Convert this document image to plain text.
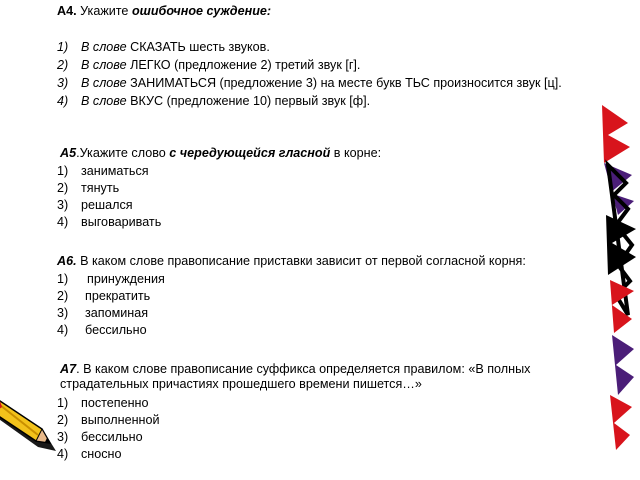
А4. Укажите ошибочное суждение:
1)	В слове СКАЗАТЬ шесть звуков.
2)	В слове ЛЕГКО (предложение 2) третий звук [г].
3)	В слове ЗАНИМАТЬСЯ (предложение 3) на месте букв ТЬС произносится звук [ц].
4)	В слове ВКУС (предложение 10) первый звук [ф].
А5.Укажите слово с чередующейся гласной в корне:
1)	заниматься
2)	тянуть
3)	решался
4)	выговаривать
А6. В каком слове правописание приставки зависит от первой согласной корня:
1)	принуждения
2)	прекратить
3)	запоминая
4)	бессильно
А7. В каком слове правописание суффикса определяется правилом: «В полных страдательных причастиях прошедшего времени пишется…»
1)	постепенно
2)	выполненной
3)	бессильно
4)	сносно
